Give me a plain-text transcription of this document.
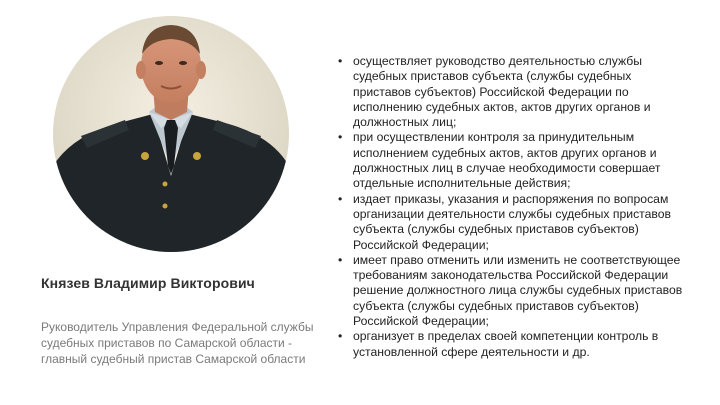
Князев Владимир Викторович
Руководитель Управления Федеральной службы
судебных приставов по Самарской области -
главный судебный пристав Самарской области
• осуществляет руководство деятельностью службы
судебных приставов субъекта (службы судебных
приставов субъектов) Российской Федерации по
исполнению судебных актов, актов других органов и
должностных лиц;
• при осуществлении контроля за принудительным
исполнением судебных актов, актов других органов и
должностных лиц в случае необходимости совершает
отдельные исполнительные действия;
• издает приказы, указания и распоряжения по вопросам
организации деятельности службы судебных приставов
субъекта (службы судебных приставов субъектов)
Российской Федерации;
• имеет право отменить или изменить не соответствующее
требованиям законодательства Российской Федерации
решение должностного лица службы судебных приставов
субъекта (службы судебных приставов субъектов)
Российской Федерации;
• организует в пределах своей компетенции контроль в
установленной сфере деятельности и др.
